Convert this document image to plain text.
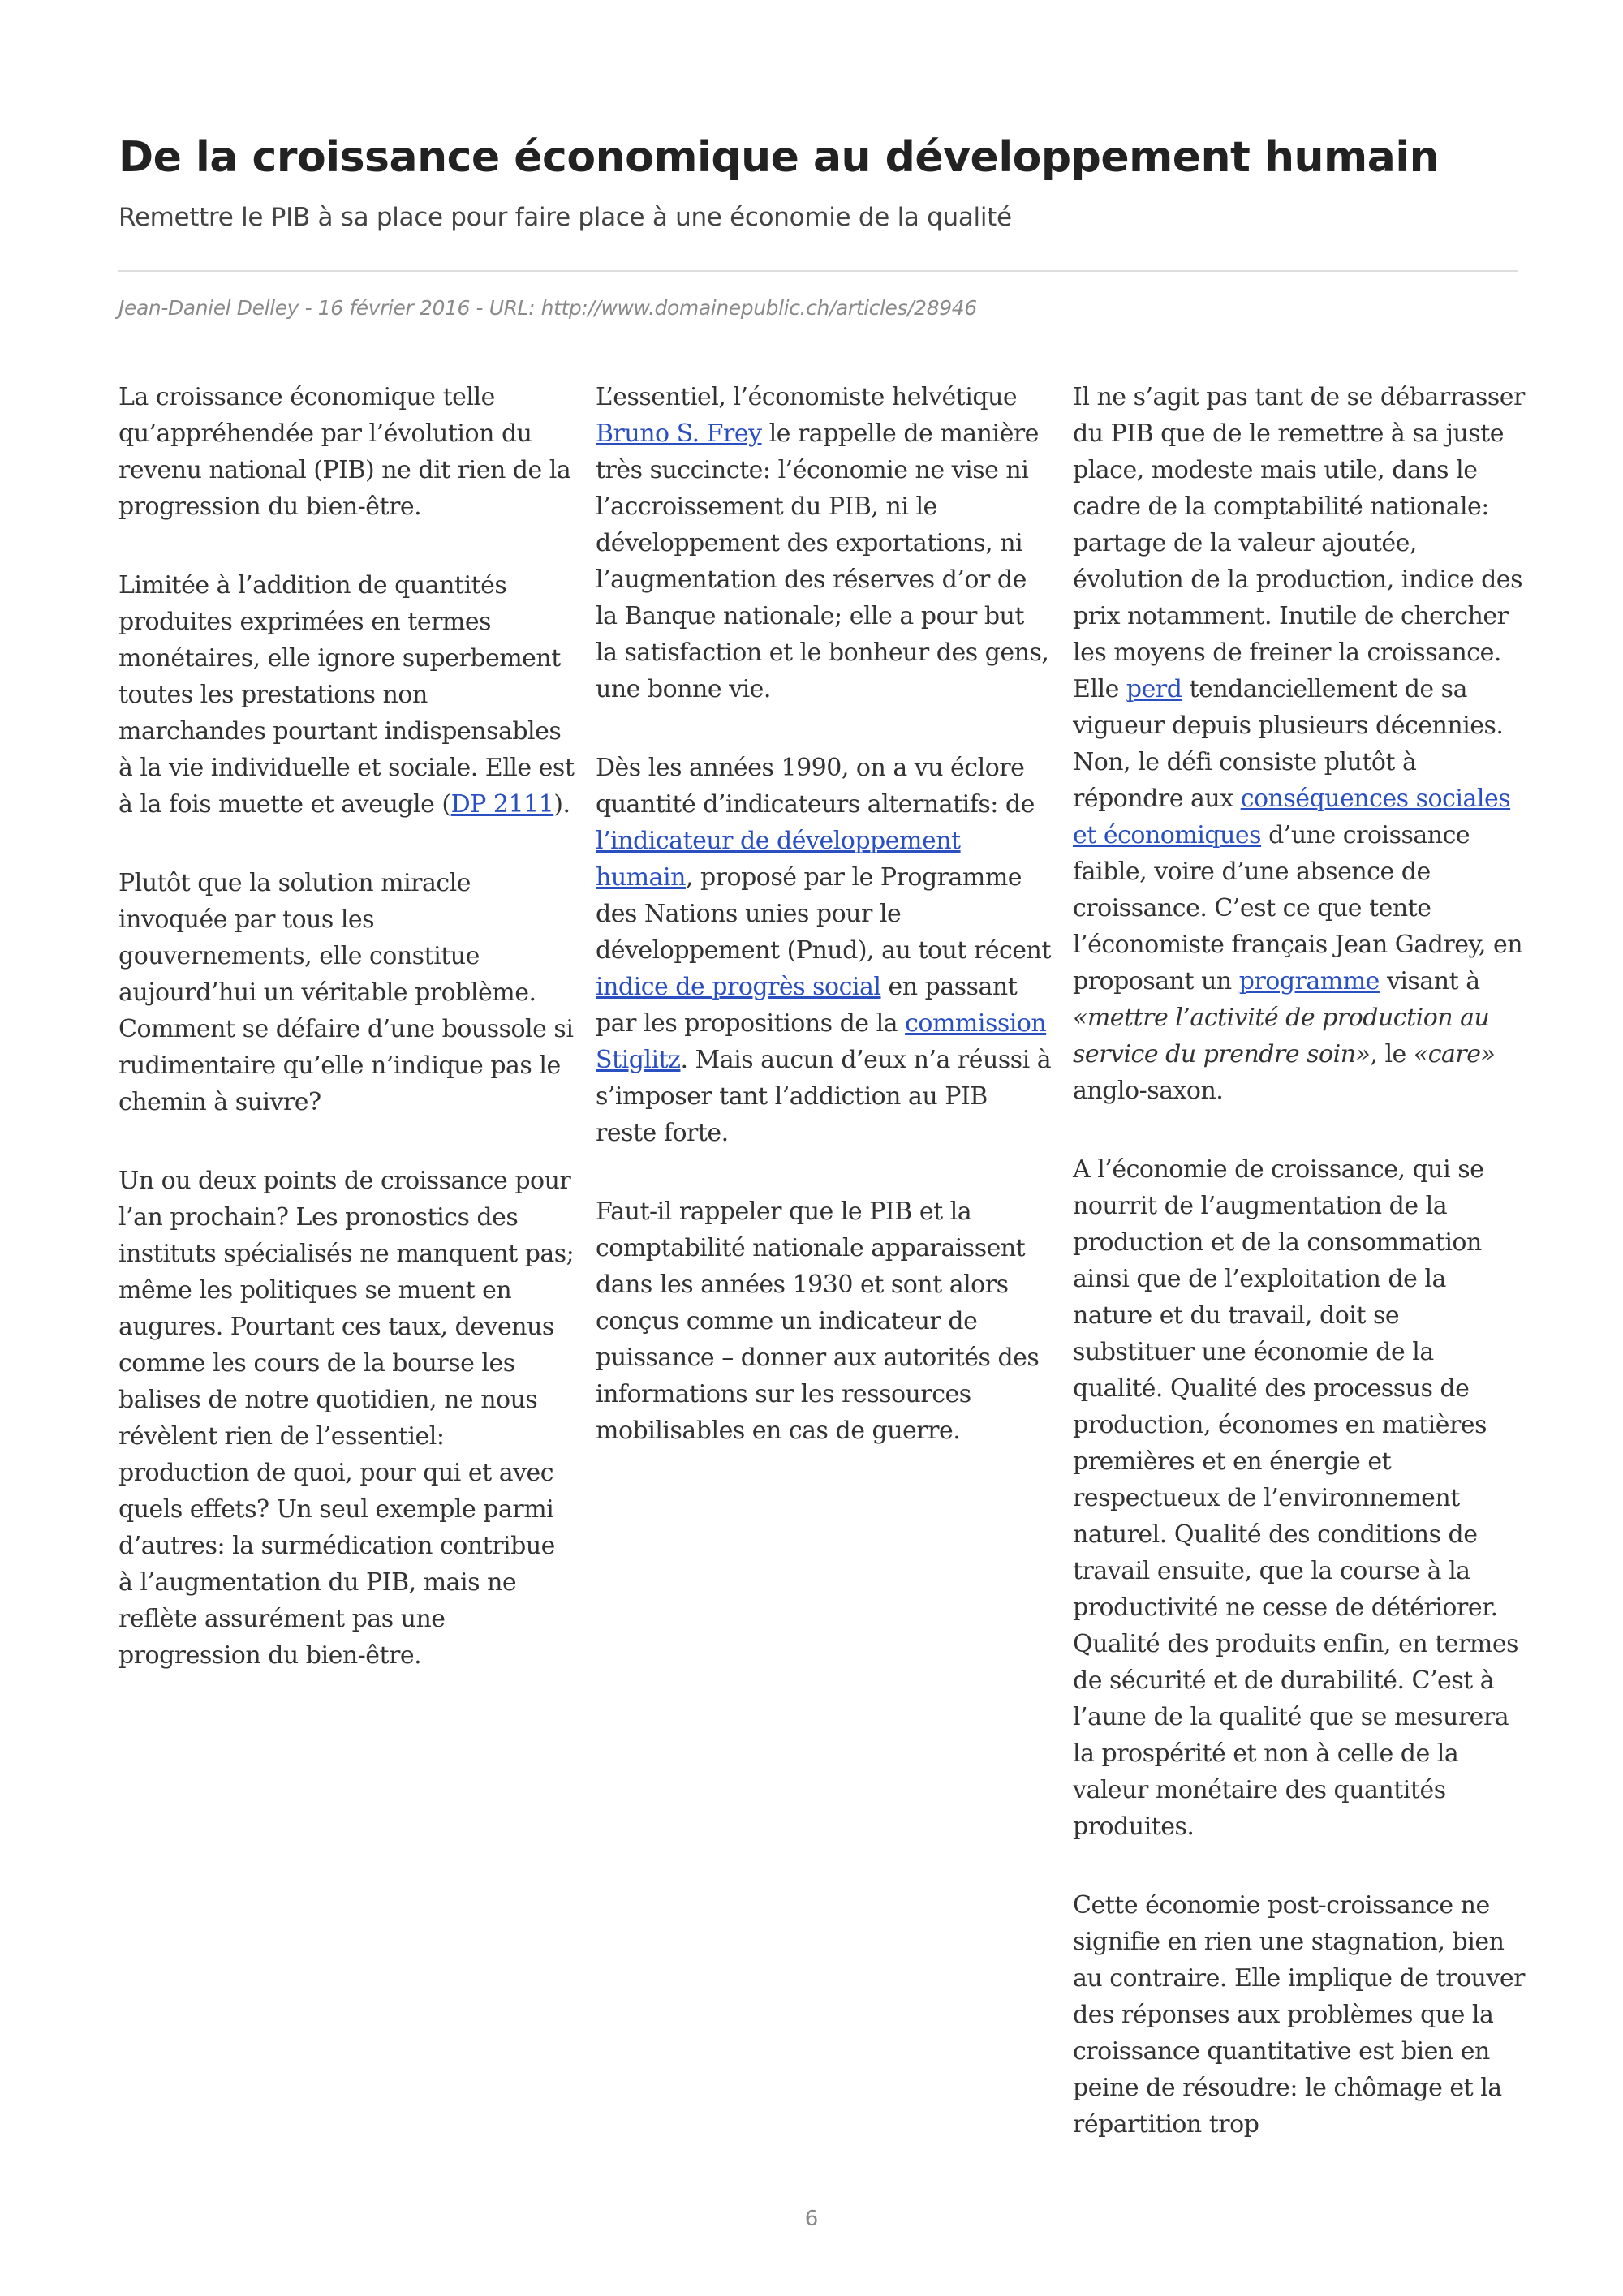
De la croissance économique au développement humain
Remettre le PIB à sa place pour faire place à une économie de la qualité
Jean-Daniel Delley - 16 février 2016 - URL: http://www.domainepublic.ch/articles/28946

La croissance économique telle qu’appréhendée par l’évolution du revenu national (PIB) ne dit rien de la progression du bien-être.

Limitée à l’addition de quantités produites exprimées en termes monétaires, elle ignore superbement toutes les prestations non marchandes pourtant indispensables à la vie individuelle et sociale. Elle est à la fois muette et aveugle (DP 2111).

Plutôt que la solution miracle invoquée par tous les gouvernements, elle constitue aujourd’hui un véritable problème. Comment se défaire d’une boussole si rudimentaire qu’elle n’indique pas le chemin à suivre?

Un ou deux points de croissance pour l’an prochain? Les pronostics des instituts spécialisés ne manquent pas; même les politiques se muent en augures. Pourtant ces taux, devenus comme les cours de la bourse les balises de notre quotidien, ne nous révèlent rien de l’essentiel: production de quoi, pour qui et avec quels effets? Un seul exemple parmi d’autres: la surmédication contribue à l’augmentation du PIB, mais ne reflète assurément pas une progression du bien-être.

L’essentiel, l’économiste helvétique Bruno S. Frey le rappelle de manière très succincte: l’économie ne vise ni l’accroissement du PIB, ni le développement des exportations, ni l’augmentation des réserves d’or de la Banque nationale; elle a pour but la satisfaction et le bonheur des gens, une bonne vie.

Dès les années 1990, on a vu éclore quantité d’indicateurs alternatifs: de l’indicateur de développement humain, proposé par le Programme des Nations unies pour le développement (Pnud), au tout récent indice de progrès social en passant par les propositions de la commission Stiglitz. Mais aucun d’eux n’a réussi à s’imposer tant l’addiction au PIB reste forte.

Faut-il rappeler que le PIB et la comptabilité nationale apparaissent dans les années 1930 et sont alors conçus comme un indicateur de puissance – donner aux autorités des informations sur les ressources mobilisables en cas de guerre.

Il ne s’agit pas tant de se débarrasser du PIB que de le remettre à sa juste place, modeste mais utile, dans le cadre de la comptabilité nationale: partage de la valeur ajoutée, évolution de la production, indice des prix notamment. Inutile de chercher les moyens de freiner la croissance. Elle perd tendanciellement de sa vigueur depuis plusieurs décennies. Non, le défi consiste plutôt à répondre aux conséquences sociales et économiques d’une croissance faible, voire d’une absence de croissance. C’est ce que tente l’économiste français Jean Gadrey, en proposant un programme visant à «mettre l’activité de production au service du prendre soin», le «care» anglo-saxon.

A l’économie de croissance, qui se nourrit de l’augmentation de la production et de la consommation ainsi que de l’exploitation de la nature et du travail, doit se substituer une économie de la qualité. Qualité des processus de production, économes en matières premières et en énergie et respectueux de l’environnement naturel. Qualité des conditions de travail ensuite, que la course à la productivité ne cesse de détériorer. Qualité des produits enfin, en termes de sécurité et de durabilité. C’est à l’aune de la qualité que se mesurera la prospérité et non à celle de la valeur monétaire des quantités produites.

Cette économie post-croissance ne signifie en rien une stagnation, bien au contraire. Elle implique de trouver des réponses aux problèmes que la croissance quantitative est bien en peine de résoudre: le chômage et la répartition trop

6
